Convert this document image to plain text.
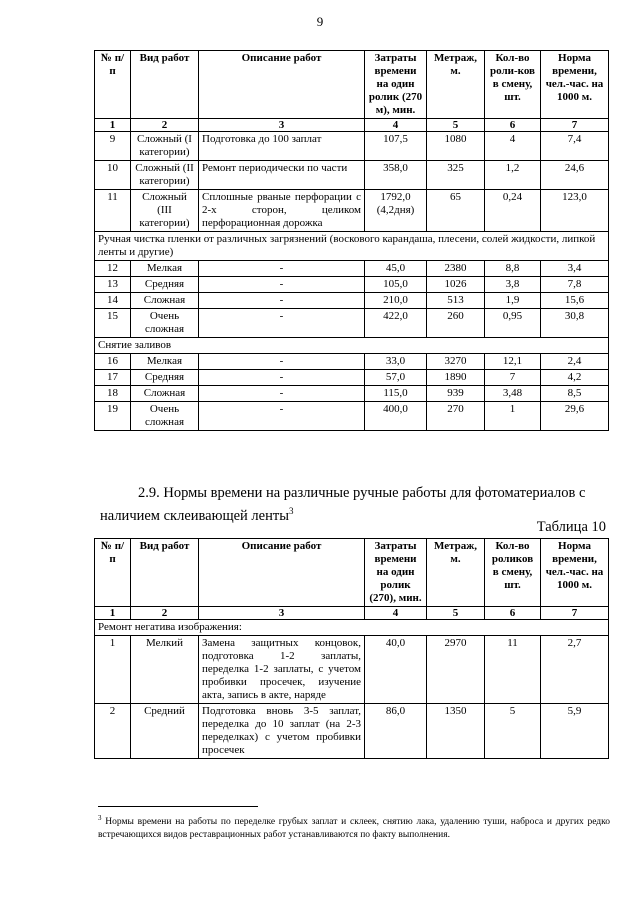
9
№ п/п	Вид работ	Описание работ	Затраты времени на один ролик (270 м), мин.	Метраж, м.	Кол-во роли-ков в смену, шт.	Норма времени, чел.-час. на 1000 м.
1	2	3	4	5	6	7
9	Сложный (I категории)	Подготовка до 100 заплат	107,5	1080	4	7,4
10	Сложный (II категории)	Ремонт периодически по части	358,0	325	1,2	24,6
11	Сложный (III категории)	Сплошные рваные перфорации с 2-х сторон, целиком перфорационная дорожка	1792,0 (4,2дня)	65	0,24	123,0
Ручная чистка пленки от различных загрязнений (воскового карандаша, плесени, солей жидкости, липкой ленты и другие)						
12	Мелкая	-	45,0	2380	8,8	3,4
13	Средняя	-	105,0	1026	3,8	7,8
14	Сложная	-	210,0	513	1,9	15,6
15	Очень сложная	-	422,0	260	0,95	30,8
Снятие заливов						
16	Мелкая	-	33,0	3270	12,1	2,4
17	Средняя	-	57,0	1890	7	4,2
18	Сложная	-	115,0	939	3,48	8,5
19	Очень сложная	-	400,0	270	1	29,6
2.9. Нормы времени на различные ручные работы для фотоматериалов с наличием склеивающей ленты$^3$
Таблица 10
№ п/п	Вид работ	Описание работ	Затраты времени на один ролик (270), мин.	Метраж, м.	Кол-во роликов в смену, шт.	Норма времени, чел.-час. на 1000 м.
1	2	3	4	5	6	7
Ремонт негатива изображения:						
1	Мелкий	Замена защитных концовок, подготовка 1-2 заплаты, переделка 1-2 заплаты, с учетом пробивки просечек, изучение акта, запись в акте, наряде	40,0	2970	11	2,7
2	Средний	Подготовка вновь 3-5 заплат, переделка до 10 заплат (на 2-3 переделках) с учетом пробивки просечек	86,0	1350	5	5,9
$^3$ Нормы времени на работы по переделке грубых заплат и склеек, снятию лака, удалению туши, наброса и других редко встречающихся видов реставрационных работ устанавливаются по факту выполнения.
